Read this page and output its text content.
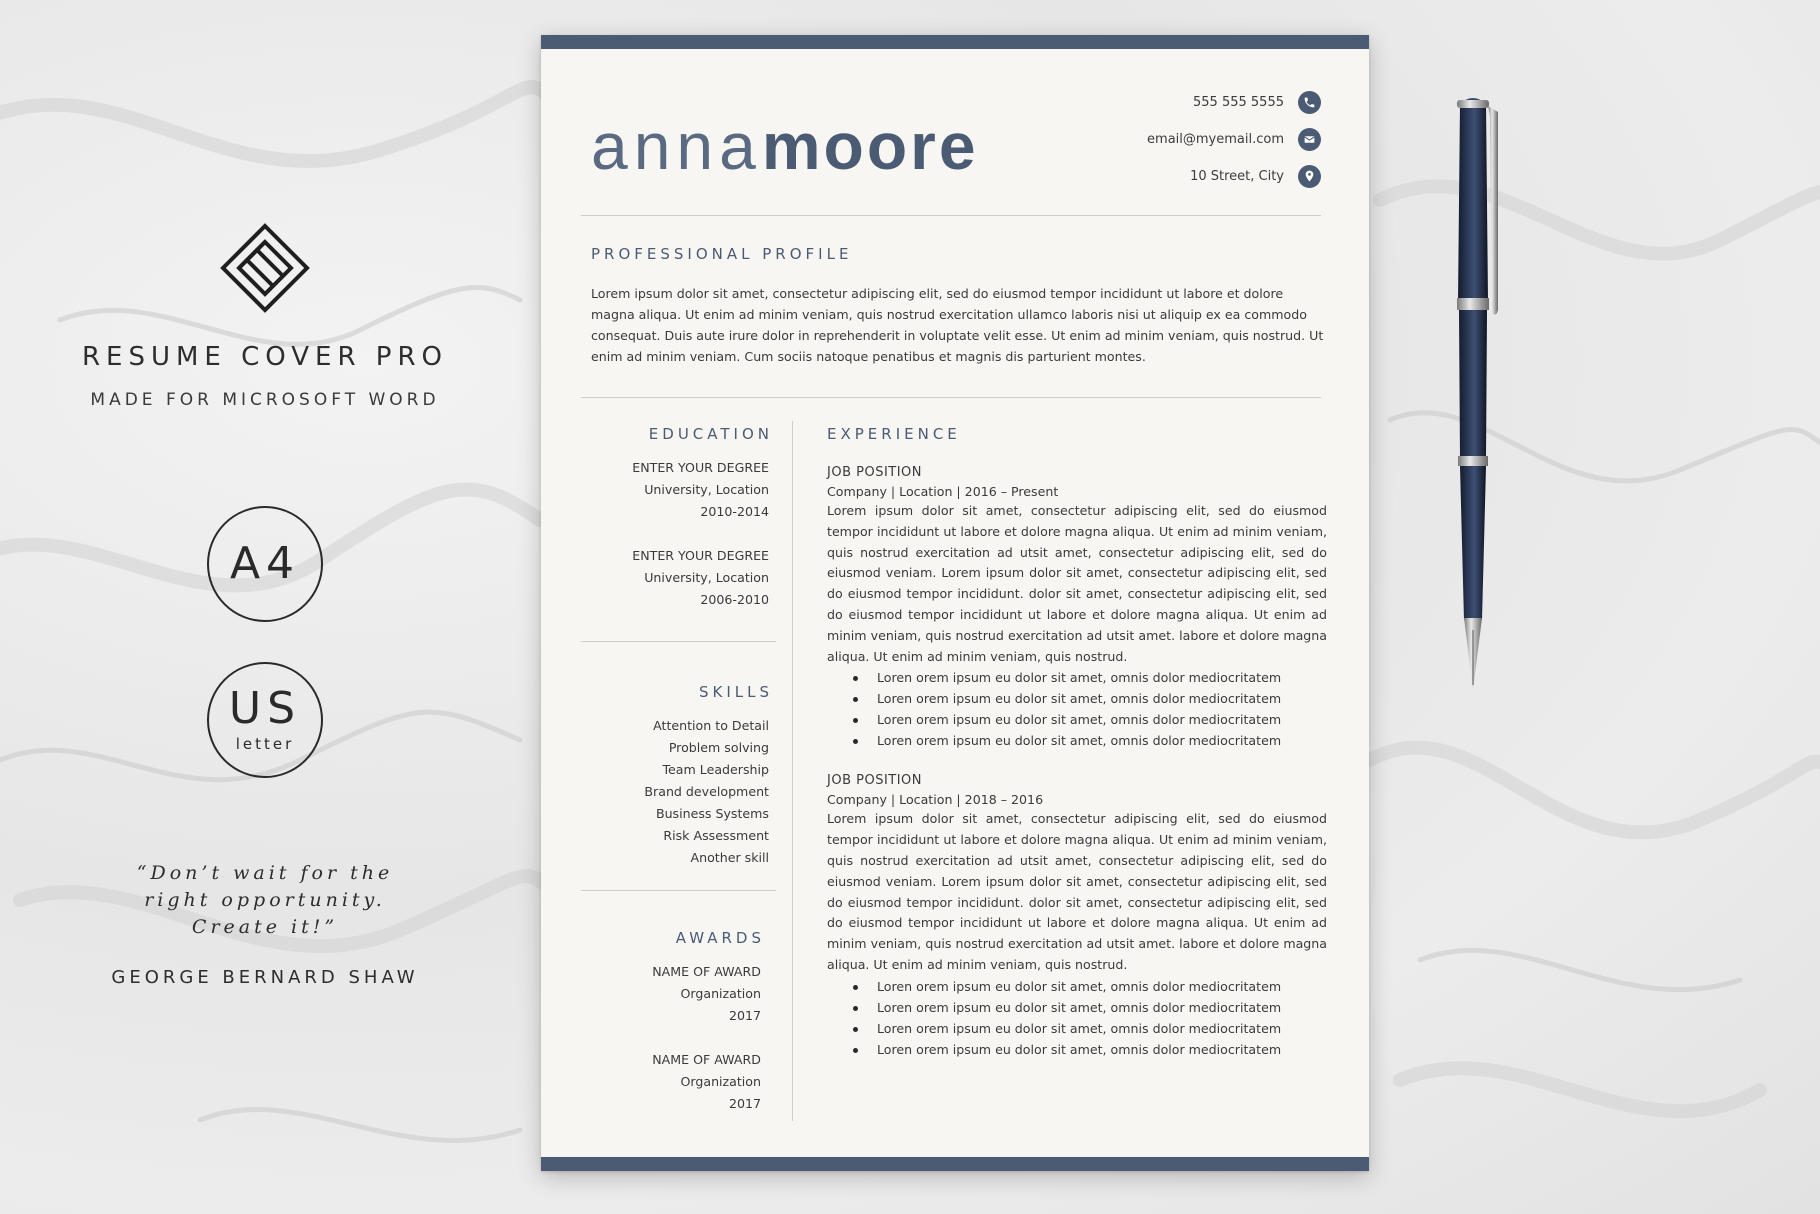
RESUME COVER PRO
MADE FOR MICROSOFT WORD
A4
US
letter
“Don’t wait for the
right opportunity.
Create it!”
GEORGE BERNARD SHAW
annamoore
555 555 5555
email@myemail.com
10 Street, City
PROFESSIONAL PROFILE
Lorem ipsum dolor sit amet, consectetur adipiscing elit, sed do eiusmod tempor incididunt ut labore et dolore magna aliqua. Ut enim ad minim veniam, quis nostrud exercitation ullamco laboris nisi ut aliquip ex ea commodo consequat. Duis aute irure dolor in reprehenderit in voluptate velit esse. Ut enim ad minim veniam, quis nostrud. Ut enim ad minim veniam. Cum sociis natoque penatibus et magnis dis parturient montes.
EDUCATION
ENTER YOUR DEGREE
University, Location
2010-2014
ENTER YOUR DEGREE
University, Location
2006-2010
SKILLS
Attention to Detail
Problem solving
Team Leadership
Brand development
Business Systems
Risk Assessment
Another skill
AWARDS
NAME OF AWARD
Organization
2017
NAME OF AWARD
Organization
2017
EXPERIENCE
JOB POSITION
Company | Location | 2016 – Present
Lorem ipsum dolor sit amet, consectetur adipiscing elit, sed do eiusmod tempor incididunt ut labore et dolore magna aliqua. Ut enim ad minim veniam, quis nostrud exercitation ad utsit amet, consectetur adipiscing elit, sed do eiusmod veniam. Lorem ipsum dolor sit amet, consectetur adipiscing elit, sed do eiusmod tempor incididunt. dolor sit amet, consectetur adipiscing elit, sed do eiusmod tempor incididunt ut labore et dolore magna aliqua. Ut enim ad minim veniam, quis nostrud exercitation ad utsit amet. labore et dolore magna aliqua. Ut enim ad minim veniam, quis nostrud.
Loren orem ipsum eu dolor sit amet, omnis dolor mediocritatem
Loren orem ipsum eu dolor sit amet, omnis dolor mediocritatem
Loren orem ipsum eu dolor sit amet, omnis dolor mediocritatem
Loren orem ipsum eu dolor sit amet, omnis dolor mediocritatem
JOB POSITION
Company | Location | 2018 – 2016
Lorem ipsum dolor sit amet, consectetur adipiscing elit, sed do eiusmod tempor incididunt ut labore et dolore magna aliqua. Ut enim ad minim veniam, quis nostrud exercitation ad utsit amet, consectetur adipiscing elit, sed do eiusmod veniam. Lorem ipsum dolor sit amet, consectetur adipiscing elit, sed do eiusmod tempor incididunt. dolor sit amet, consectetur adipiscing elit, sed do eiusmod tempor incididunt ut labore et dolore magna aliqua. Ut enim ad minim veniam, quis nostrud exercitation ad utsit amet. labore et dolore magna aliqua. Ut enim ad minim veniam, quis nostrud.
Loren orem ipsum eu dolor sit amet, omnis dolor mediocritatem
Loren orem ipsum eu dolor sit amet, omnis dolor mediocritatem
Loren orem ipsum eu dolor sit amet, omnis dolor mediocritatem
Loren orem ipsum eu dolor sit amet, omnis dolor mediocritatem
